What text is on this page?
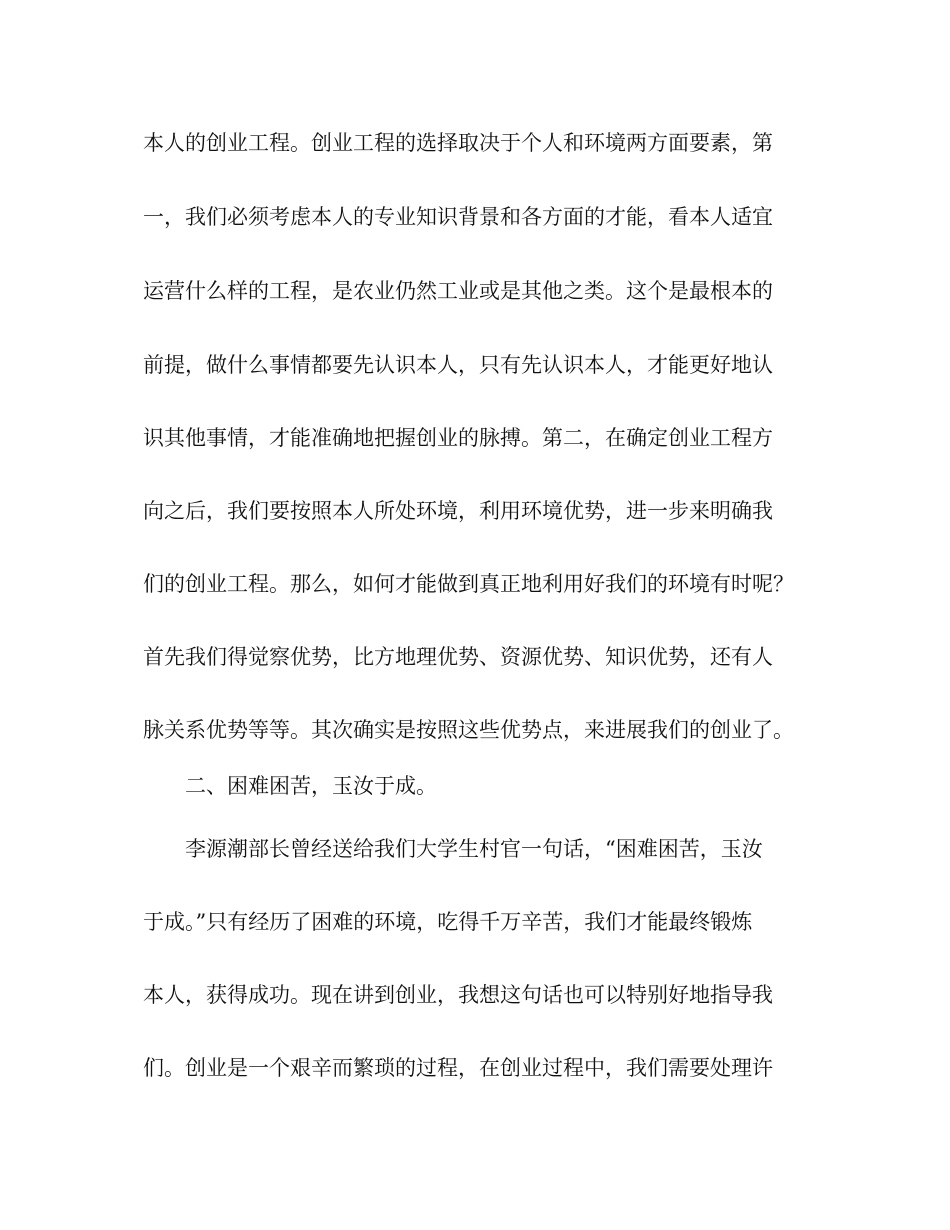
本人的创业工程。创业工程的选择取决于个人和环境两方面要素，第
一，我们必须考虑本人的专业知识背景和各方面的才能，看本人适宜
运营什么样的工程，是农业仍然工业或是其他之类。这个是最根本的
前提，做什么事情都要先认识本人，只有先认识本人，才能更好地认
识其他事情，才能准确地把握创业的脉搏。第二，在确定创业工程方
向之后，我们要按照本人所处环境，利用环境优势，进一步来明确我
们的创业工程。那么，如何才能做到真正地利用好我们的环境有时呢？
首先我们得觉察优势，比方地理优势、资源优势、知识优势，还有人
脉关系优势等等。其次确实是按照这些优势点，来进展我们的创业了。
二、困难困苦，玉汝于成。
李源潮部长曾经送给我们大学生村官一句话，“困难困苦，玉汝
于成。”只有经历了困难的环境，吃得千万辛苦，我们才能最终锻炼
本人，获得成功。现在讲到创业，我想这句话也可以特别好地指导我
们。创业是一个艰辛而繁琐的过程，在创业过程中，我们需要处理许
